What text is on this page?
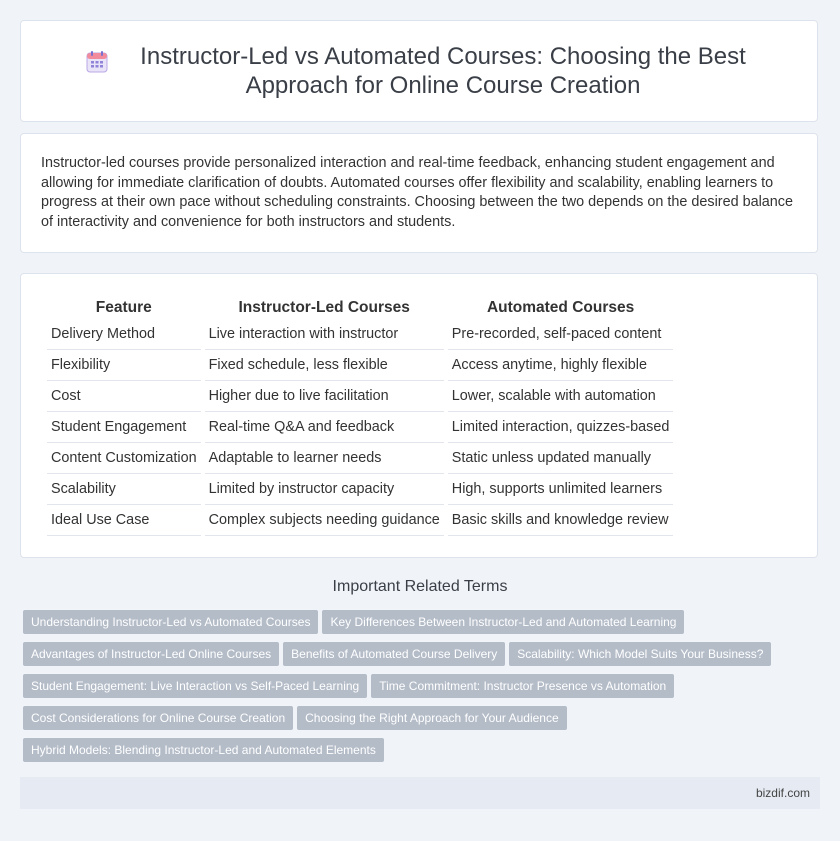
Instructor-Led vs Automated Courses: Choosing the Best Approach for Online Course Creation

Instructor-led courses provide personalized interaction and real-time feedback, enhancing student engagement and allowing for immediate clarification of doubts. Automated courses offer flexibility and scalability, enabling learners to progress at their own pace without scheduling constraints. Choosing between the two depends on the desired balance of interactivity and convenience for both instructors and students.

Feature	Instructor-Led Courses	Automated Courses
Delivery Method	Live interaction with instructor	Pre-recorded, self-paced content
Flexibility	Fixed schedule, less flexible	Access anytime, highly flexible
Cost	Higher due to live facilitation	Lower, scalable with automation
Student Engagement	Real-time Q&A and feedback	Limited interaction, quizzes-based
Content Customization	Adaptable to learner needs	Static unless updated manually
Scalability	Limited by instructor capacity	High, supports unlimited learners
Ideal Use Case	Complex subjects needing guidance	Basic skills and knowledge review
Important Related Terms
Understanding Instructor-Led vs Automated Courses Key Differences Between Instructor-Led and Automated Learning
Advantages of Instructor-Led Online Courses Benefits of Automated Course Delivery Scalability: Which Model Suits Your Business?
Student Engagement: Live Interaction vs Self-Paced Learning Time Commitment: Instructor Presence vs Automation
Cost Considerations for Online Course Creation Choosing the Right Approach for Your Audience
Hybrid Models: Blending Instructor-Led and Automated Elements
bizdif.com
